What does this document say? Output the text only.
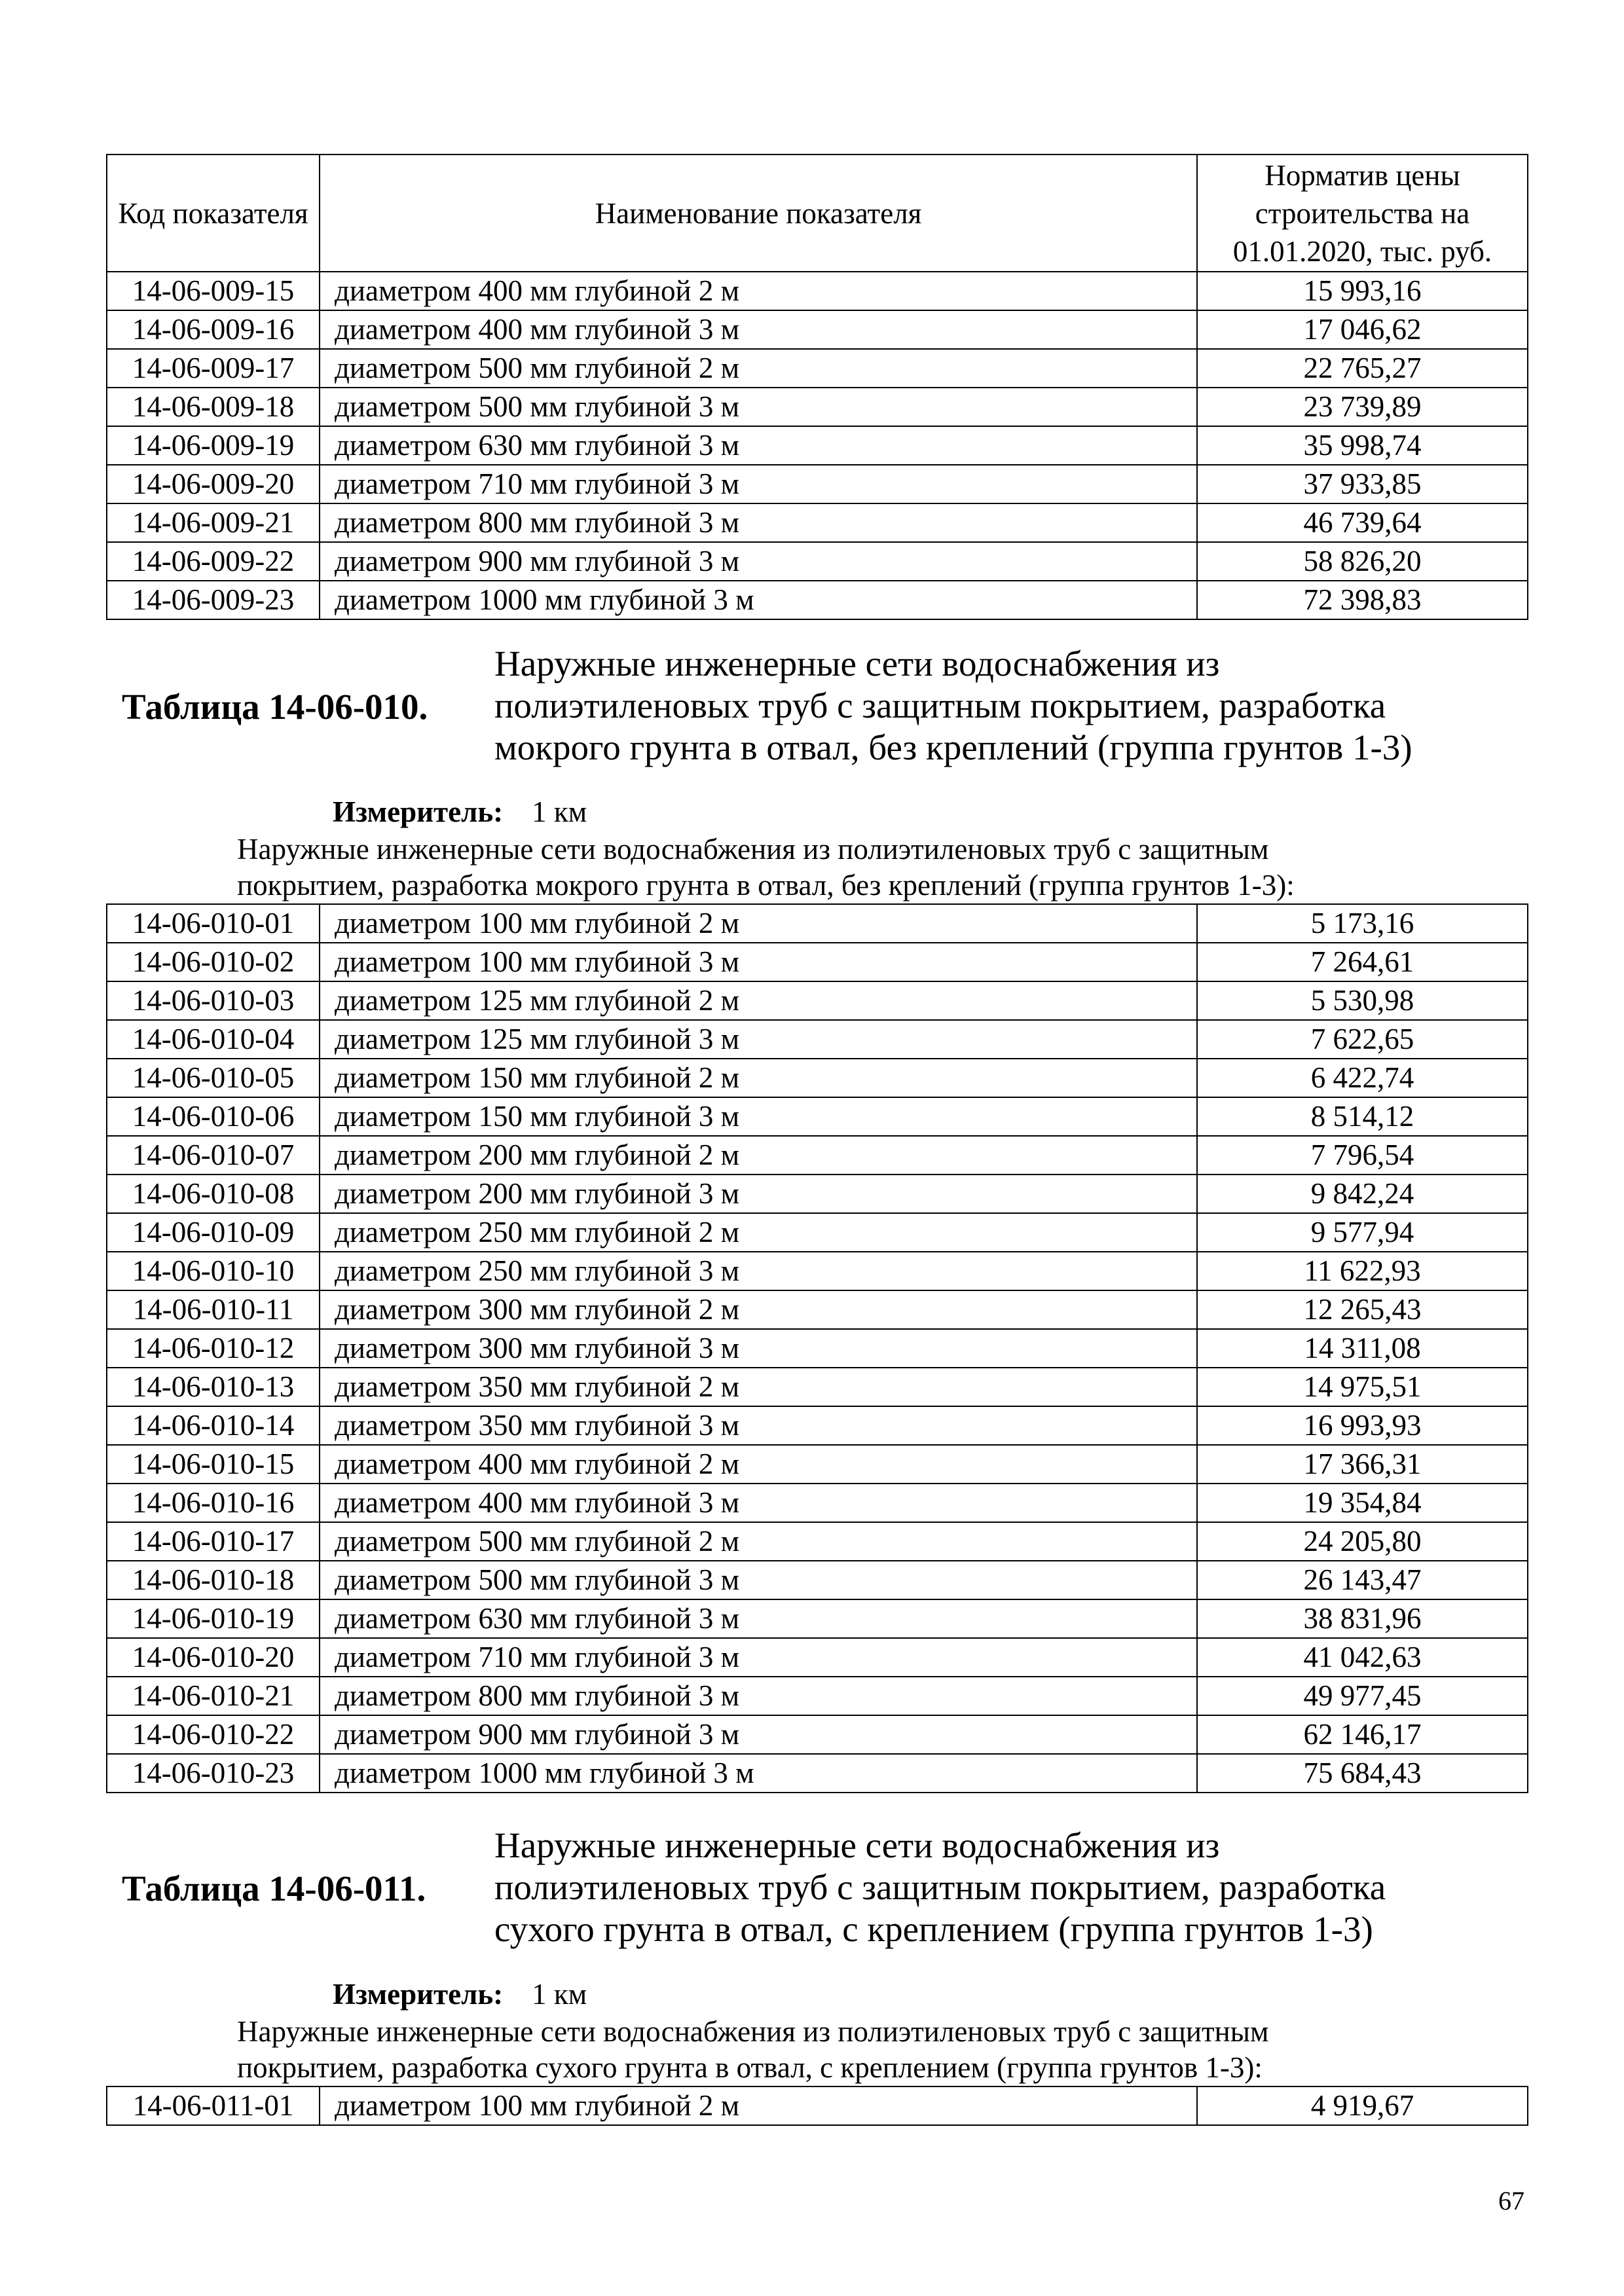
Код показателя	Наименование показателя	Норматив цены строительства на 01.01.2020, тыс. руб.
14-06-009-15	диаметром 400 мм глубиной 2 м	15 993,16
14-06-009-16	диаметром 400 мм глубиной 3 м	17 046,62
14-06-009-17	диаметром 500 мм глубиной 2 м	22 765,27
14-06-009-18	диаметром 500 мм глубиной 3 м	23 739,89
14-06-009-19	диаметром 630 мм глубиной 3 м	35 998,74
14-06-009-20	диаметром 710 мм глубиной 3 м	37 933,85
14-06-009-21	диаметром 800 мм глубиной 3 м	46 739,64
14-06-009-22	диаметром 900 мм глубиной 3 м	58 826,20
14-06-009-23	диаметром 1000 мм глубиной 3 м	72 398,83
Таблица 14-06-010.
Наружные инженерные сети водоснабжения из
полиэтиленовых труб с защитным покрытием, разработка
мокрого грунта в отвал, без креплений (группа грунтов 1-3)
Измеритель: 1 км
Наружные инженерные сети водоснабжения из полиэтиленовых труб с защитным
покрытием, разработка мокрого грунта в отвал, без креплений (группа грунтов 1-3):
14-06-010-01	диаметром 100 мм глубиной 2 м	5 173,16
14-06-010-02	диаметром 100 мм глубиной 3 м	7 264,61
14-06-010-03	диаметром 125 мм глубиной 2 м	5 530,98
14-06-010-04	диаметром 125 мм глубиной 3 м	7 622,65
14-06-010-05	диаметром 150 мм глубиной 2 м	6 422,74
14-06-010-06	диаметром 150 мм глубиной 3 м	8 514,12
14-06-010-07	диаметром 200 мм глубиной 2 м	7 796,54
14-06-010-08	диаметром 200 мм глубиной 3 м	9 842,24
14-06-010-09	диаметром 250 мм глубиной 2 м	9 577,94
14-06-010-10	диаметром 250 мм глубиной 3 м	11 622,93
14-06-010-11	диаметром 300 мм глубиной 2 м	12 265,43
14-06-010-12	диаметром 300 мм глубиной 3 м	14 311,08
14-06-010-13	диаметром 350 мм глубиной 2 м	14 975,51
14-06-010-14	диаметром 350 мм глубиной 3 м	16 993,93
14-06-010-15	диаметром 400 мм глубиной 2 м	17 366,31
14-06-010-16	диаметром 400 мм глубиной 3 м	19 354,84
14-06-010-17	диаметром 500 мм глубиной 2 м	24 205,80
14-06-010-18	диаметром 500 мм глубиной 3 м	26 143,47
14-06-010-19	диаметром 630 мм глубиной 3 м	38 831,96
14-06-010-20	диаметром 710 мм глубиной 3 м	41 042,63
14-06-010-21	диаметром 800 мм глубиной 3 м	49 977,45
14-06-010-22	диаметром 900 мм глубиной 3 м	62 146,17
14-06-010-23	диаметром 1000 мм глубиной 3 м	75 684,43
Таблица 14-06-011.
Наружные инженерные сети водоснабжения из
полиэтиленовых труб с защитным покрытием, разработка
сухого грунта в отвал, с креплением (группа грунтов 1-3)
Измеритель: 1 км
Наружные инженерные сети водоснабжения из полиэтиленовых труб с защитным
покрытием, разработка сухого грунта в отвал, с креплением (группа грунтов 1-3):
14-06-011-01	диаметром 100 мм глубиной 2 м	4 919,67
67
